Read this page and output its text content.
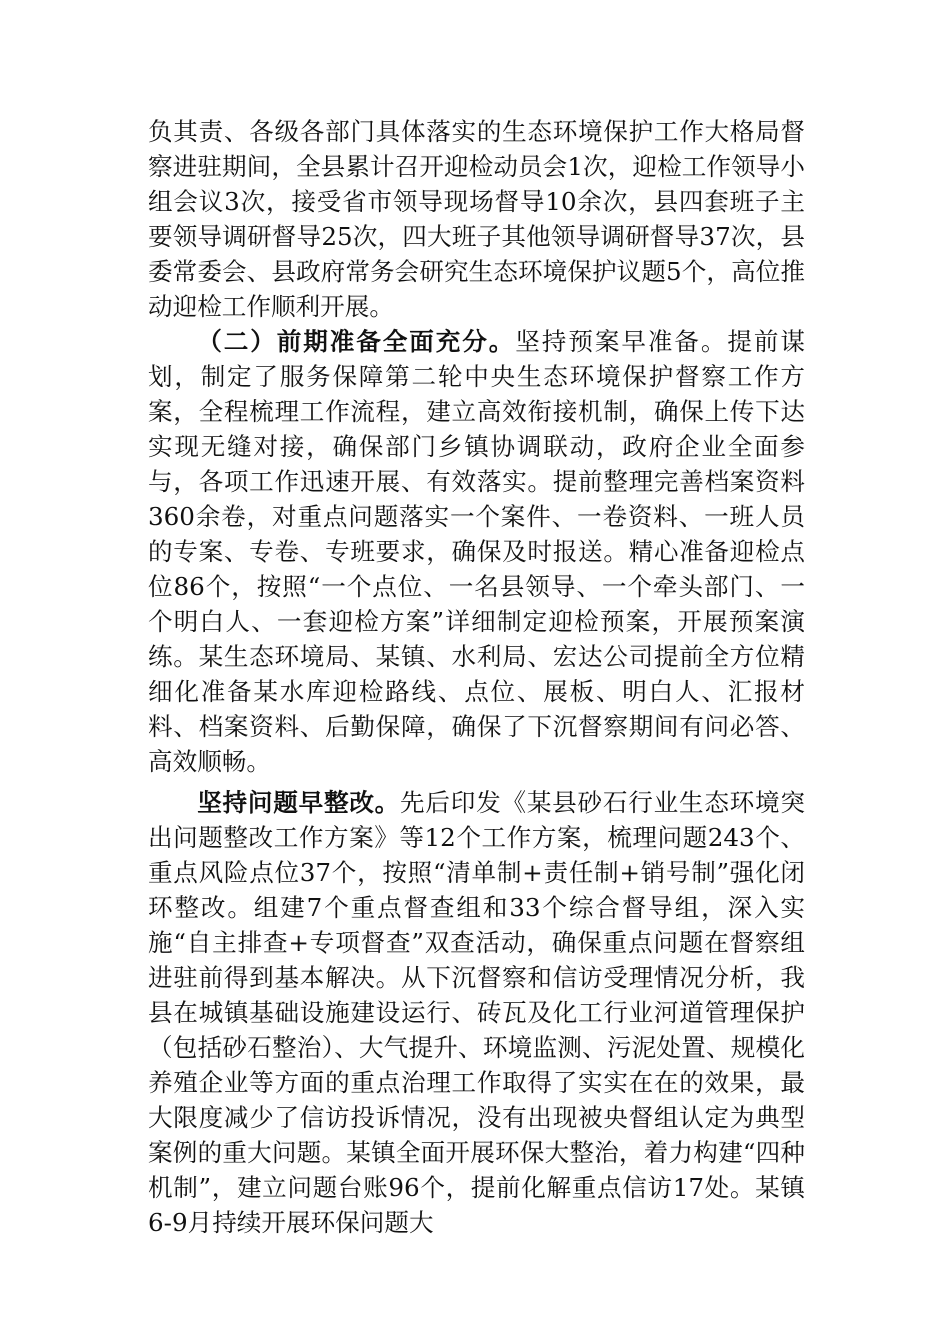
负其责、各级各部门具体落实的生态环境保护工作大格局督察进驻期间，全县累计召开迎检动员会1次，迎检工作领导小组会议3次，接受省市领导现场督导10余次，县四套班子主要领导调研督导25次，四大班子其他领导调研督导37次，县委常委会、县政府常务会研究生态环境保护议题5个，高位推动迎检工作顺利开展。

（二）前期准备全面充分。坚持预案早准备。提前谋划，制定了服务保障第二轮中央生态环境保护督察工作方案，全程梳理工作流程，建立高效衔接机制，确保上传下达实现无缝对接，确保部门乡镇协调联动，政府企业全面参与，各项工作迅速开展、有效落实。提前整理完善档案资料360余卷，对重点问题落实一个案件、一卷资料、一班人员的专案、专卷、专班要求，确保及时报送。精心准备迎检点位86个，按照“一个点位、一名县领导、一个牵头部门、一个明白人、一套迎检方案”详细制定迎检预案，开展预案演练。某生态环境局、某镇、水利局、宏达公司提前全方位精细化准备某水库迎检路线、点位、展板、明白人、汇报材料、档案资料、后勤保障，确保了下沉督察期间有问必答、高效顺畅。

坚持问题早整改。先后印发《某县砂石行业生态环境突出问题整改工作方案》等12个工作方案，梳理问题243个、重点风险点位37个，按照“清单制+责任制+销号制”强化闭环整改。组建7个重点督查组和33个综合督导组，深入实施“自主排查+专项督查”双查活动，确保重点问题在督察组进驻前得到基本解决。从下沉督察和信访受理情况分析，我县在城镇基础设施建设运行、砖瓦及化工行业河道管理保护（包括砂石整治）、大气提升、环境监测、污泥处置、规模化养殖企业等方面的重点治理工作取得了实实在在的效果，最大限度减少了信访投诉情况，没有出现被央督组认定为典型案例的重大问题。某镇全面开展环保大整治，着力构建“四种机制”，建立问题台账96个，提前化解重点信访17处。某镇6-9月持续开展环保问题大
